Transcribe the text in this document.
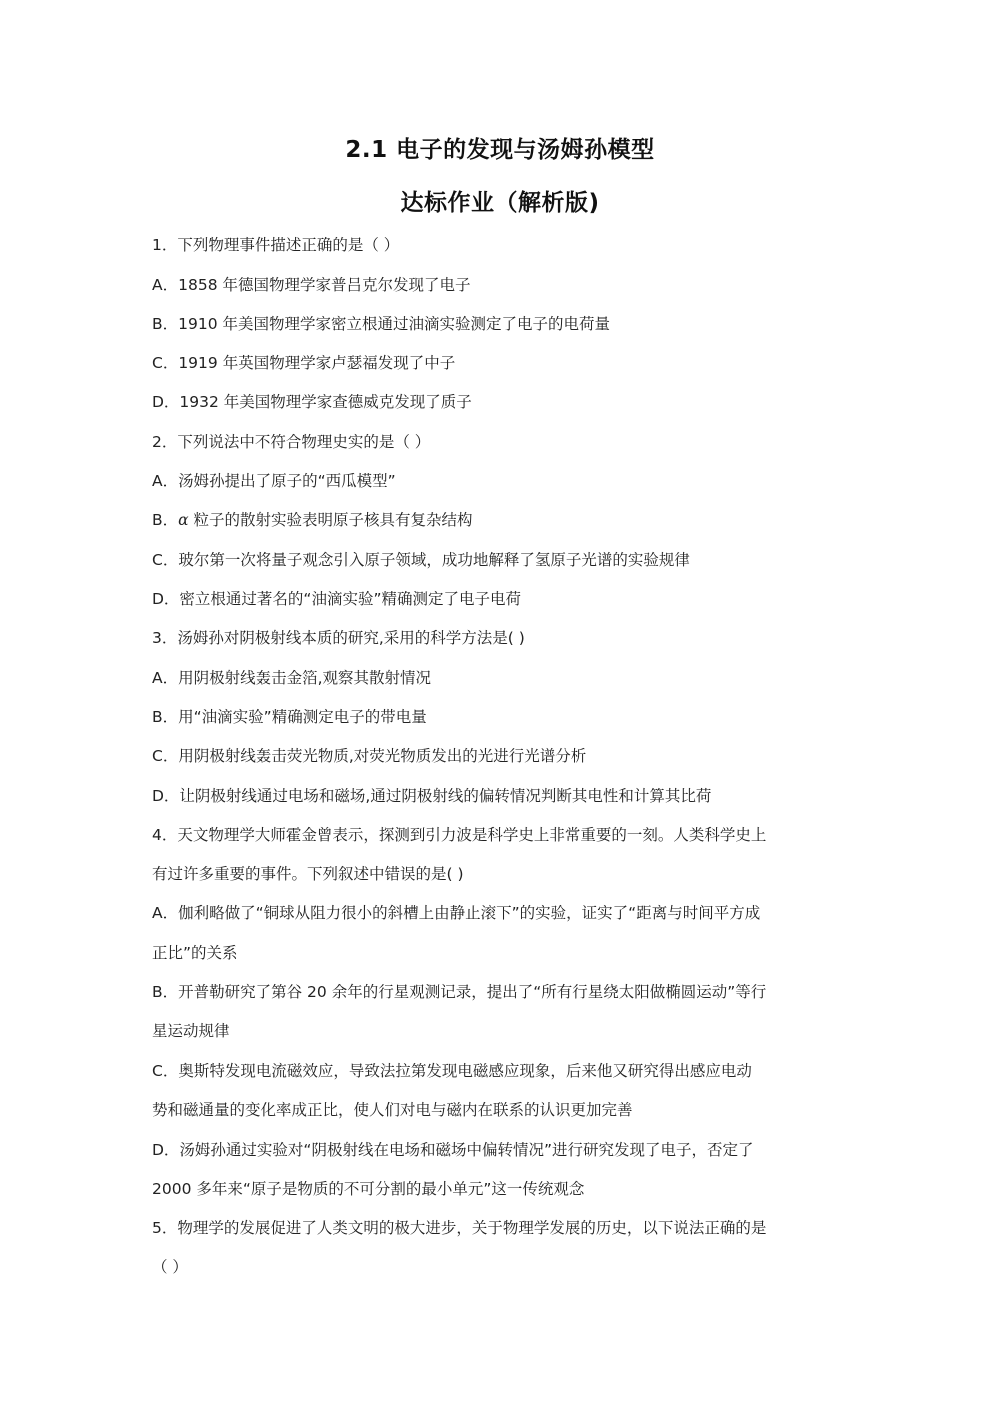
2.1 电子的发现与汤姆孙模型
达标作业（解析版)
1．下列物理事件描述正确的是（ ）
A．1858 年德国物理学家普吕克尔发现了电子
B．1910 年美国物理学家密立根通过油滴实验测定了电子的电荷量
C．1919 年英国物理学家卢瑟福发现了中子
D．1932 年美国物理学家查德威克发现了质子
2．下列说法中不符合物理史实的是（ ）
A．汤姆孙提出了原子的“西瓜模型”
B．α 粒子的散射实验表明原子核具有复杂结构
C．玻尔第一次将量子观念引入原子领域，成功地解释了氢原子光谱的实验规律
D．密立根通过著名的“油滴实验”精确测定了电子电荷
3．汤姆孙对阴极射线本质的研究,采用的科学方法是( )
A．用阴极射线轰击金箔,观察其散射情况
B．用“油滴实验”精确测定电子的带电量
C．用阴极射线轰击荧光物质,对荧光物质发出的光进行光谱分析
D．让阴极射线通过电场和磁场,通过阴极射线的偏转情况判断其电性和计算其比荷
4．天文物理学大师霍金曾表示，探测到引力波是科学史上非常重要的一刻。人类科学史上
有过许多重要的事件。下列叙述中错误的是( )
A．伽利略做了“铜球从阻力很小的斜槽上由静止滚下”的实验，证实了“距离与时间平方成
正比”的关系
B．开普勒研究了第谷 20 余年的行星观测记录，提出了“所有行星绕太阳做椭圆运动”等行
星运动规律
C．奥斯特发现电流磁效应，导致法拉第发现电磁感应现象，后来他又研究得出感应电动
势和磁通量的变化率成正比，使人们对电与磁内在联系的认识更加完善
D．汤姆孙通过实验对“阴极射线在电场和磁场中偏转情况”进行研究发现了电子，否定了
2000 多年来“原子是物质的不可分割的最小单元”这一传统观念
5．物理学的发展促进了人类文明的极大进步，关于物理学发展的历史，以下说法正确的是
（ ）
